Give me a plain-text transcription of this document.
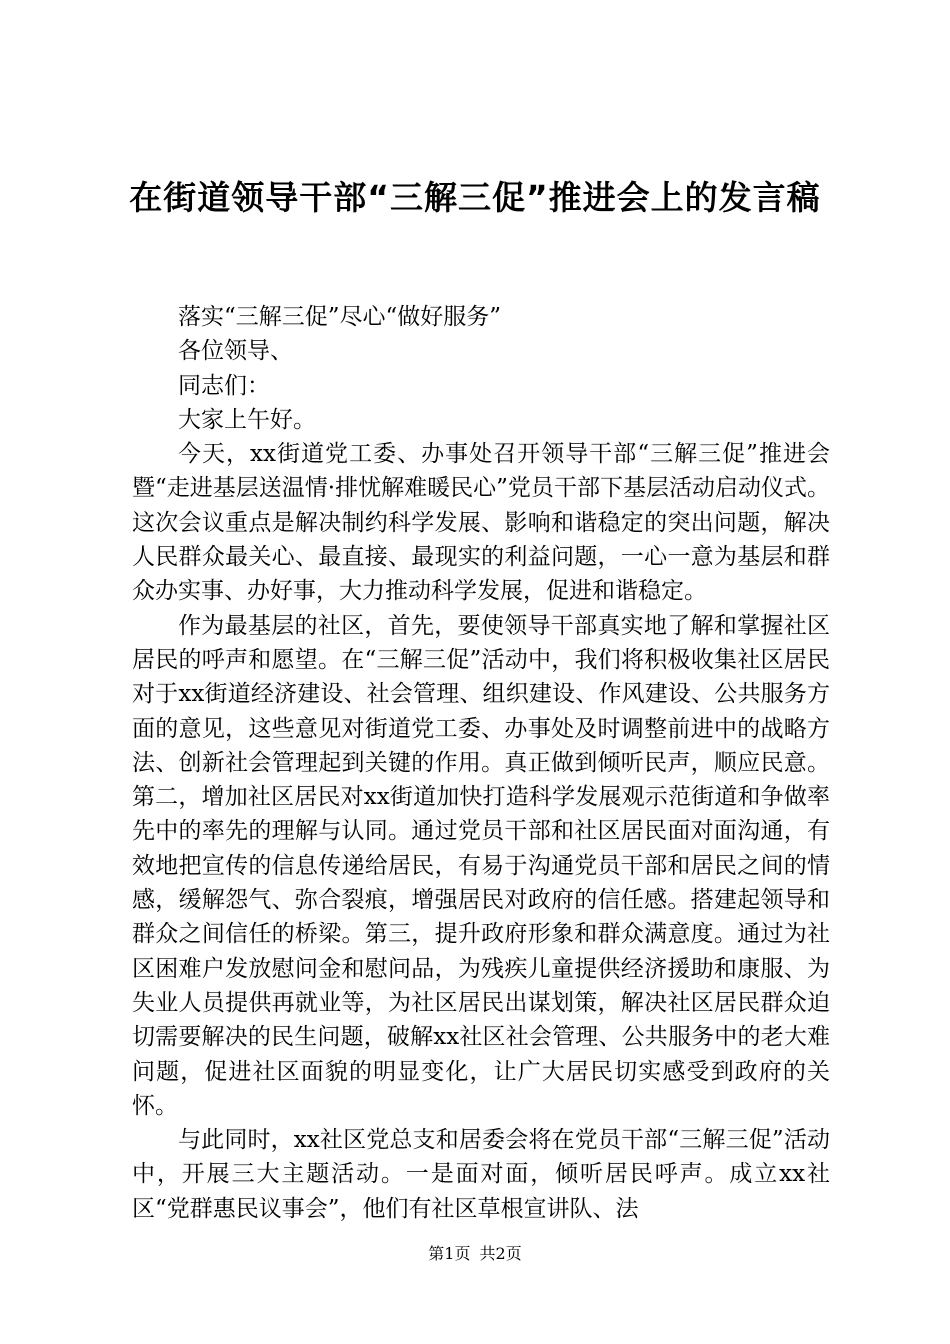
在街道领导干部“三解三促”推进会上的发言稿

落实“三解三促”尽心“做好服务”

各位领导、

同志们：

大家上午好。

今天，xx街道党工委、办事处召开领导干部“三解三促”推进会暨“走进基层送温情·排忧解难暖民心”党员干部下基层活动启动仪式。这次会议重点是解决制约科学发展、影响和谐稳定的突出问题，解决人民群众最关心、最直接、最现实的利益问题，一心一意为基层和群众办实事、办好事，大力推动科学发展，促进和谐稳定。

作为最基层的社区，首先，要使领导干部真实地了解和掌握社区居民的呼声和愿望。在“三解三促”活动中，我们将积极收集社区居民对于xx街道经济建设、社会管理、组织建设、作风建设、公共服务方面的意见，这些意见对街道党工委、办事处及时调整前进中的战略方法、创新社会管理起到关键的作用。真正做到倾听民声，顺应民意。第二，增加社区居民对xx街道加快打造科学发展观示范街道和争做率先中的率先的理解与认同。通过党员干部和社区居民面对面沟通，有效地把宣传的信息传递给居民，有易于沟通党员干部和居民之间的情感，缓解怨气、弥合裂痕，增强居民对政府的信任感。搭建起领导和群众之间信任的桥梁。第三，提升政府形象和群众满意度。通过为社区困难户发放慰问金和慰问品，为残疾儿童提供经济援助和康服、为失业人员提供再就业等，为社区居民出谋划策，解决社区居民群众迫切需要解决的民生问题，破解xx社区社会管理、公共服务中的老大难问题，促进社区面貌的明显变化，让广大居民切实感受到政府的关怀。

与此同时，xx社区党总支和居委会将在党员干部“三解三促”活动中，开展三大主题活动。一是面对面，倾听居民呼声。成立xx社区“党群惠民议事会”，他们有社区草根宣讲队、法

第1页 共2页
